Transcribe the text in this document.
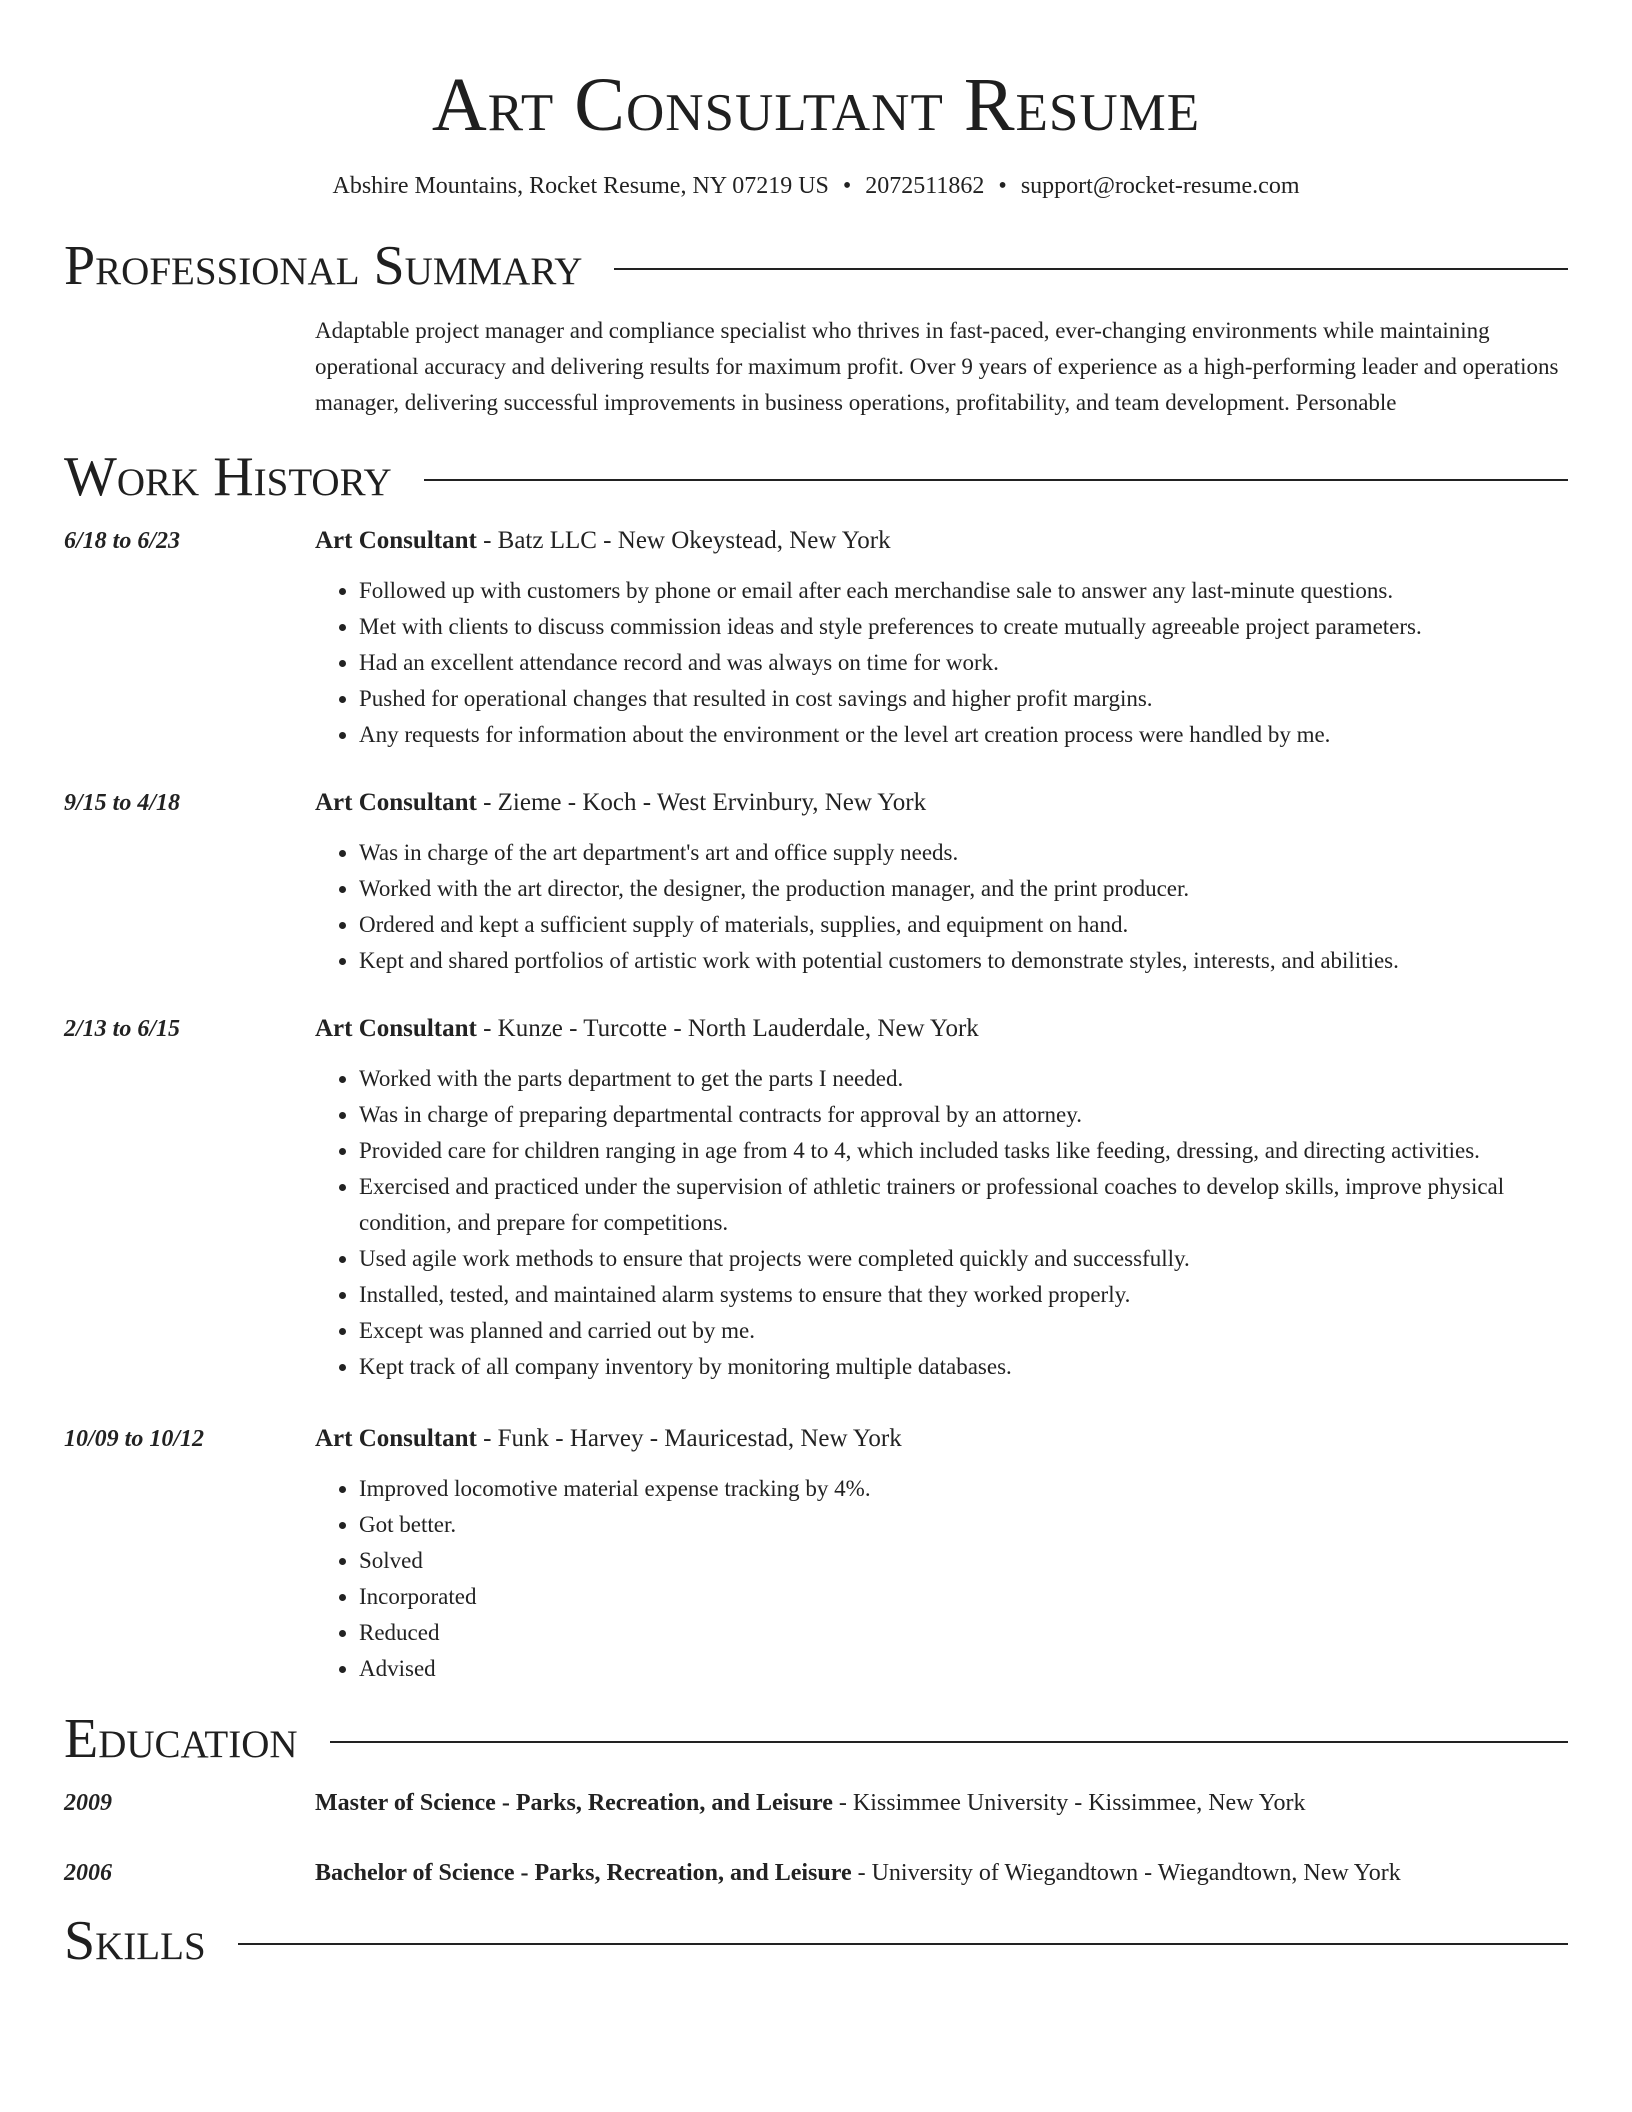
Art Consultant Resume
Abshire Mountains, Rocket Resume, NY 07219 US • 2072511862 • support@rocket-resume.com
Professional Summary
Adaptable project manager and compliance specialist who thrives in fast-paced, ever-changing environments while maintaining operational accuracy and delivering results for maximum profit. Over 9 years of experience as a high-performing leader and operations manager, delivering successful improvements in business operations, profitability, and team development. Personable
Work History
6/18 to 6/23	Art Consultant - Batz LLC - New Okeystead, New York
• Followed up with customers by phone or email after each merchandise sale to answer any last-minute questions.
• Met with clients to discuss commission ideas and style preferences to create mutually agreeable project parameters.
• Had an excellent attendance record and was always on time for work.
• Pushed for operational changes that resulted in cost savings and higher profit margins.
• Any requests for information about the environment or the level art creation process were handled by me.
9/15 to 4/18	Art Consultant - Zieme - Koch - West Ervinbury, New York
• Was in charge of the art department's art and office supply needs.
• Worked with the art director, the designer, the production manager, and the print producer.
• Ordered and kept a sufficient supply of materials, supplies, and equipment on hand.
• Kept and shared portfolios of artistic work with potential customers to demonstrate styles, interests, and abilities.
2/13 to 6/15	Art Consultant - Kunze - Turcotte - North Lauderdale, New York
• Worked with the parts department to get the parts I needed.
• Was in charge of preparing departmental contracts for approval by an attorney.
• Provided care for children ranging in age from 4 to 4, which included tasks like feeding, dressing, and directing activities.
• Exercised and practiced under the supervision of athletic trainers or professional coaches to develop skills, improve physical condition, and prepare for competitions.
• Used agile work methods to ensure that projects were completed quickly and successfully.
• Installed, tested, and maintained alarm systems to ensure that they worked properly.
• Except was planned and carried out by me.
• Kept track of all company inventory by monitoring multiple databases.
10/09 to 10/12	Art Consultant - Funk - Harvey - Mauricestad, New York
• Improved locomotive material expense tracking by 4%.
• Got better.
• Solved
• Incorporated
• Reduced
• Advised
Education
2009	Master of Science - Parks, Recreation, and Leisure - Kissimmee University - Kissimmee, New York
2006	Bachelor of Science - Parks, Recreation, and Leisure - University of Wiegandtown - Wiegandtown, New York
Skills
